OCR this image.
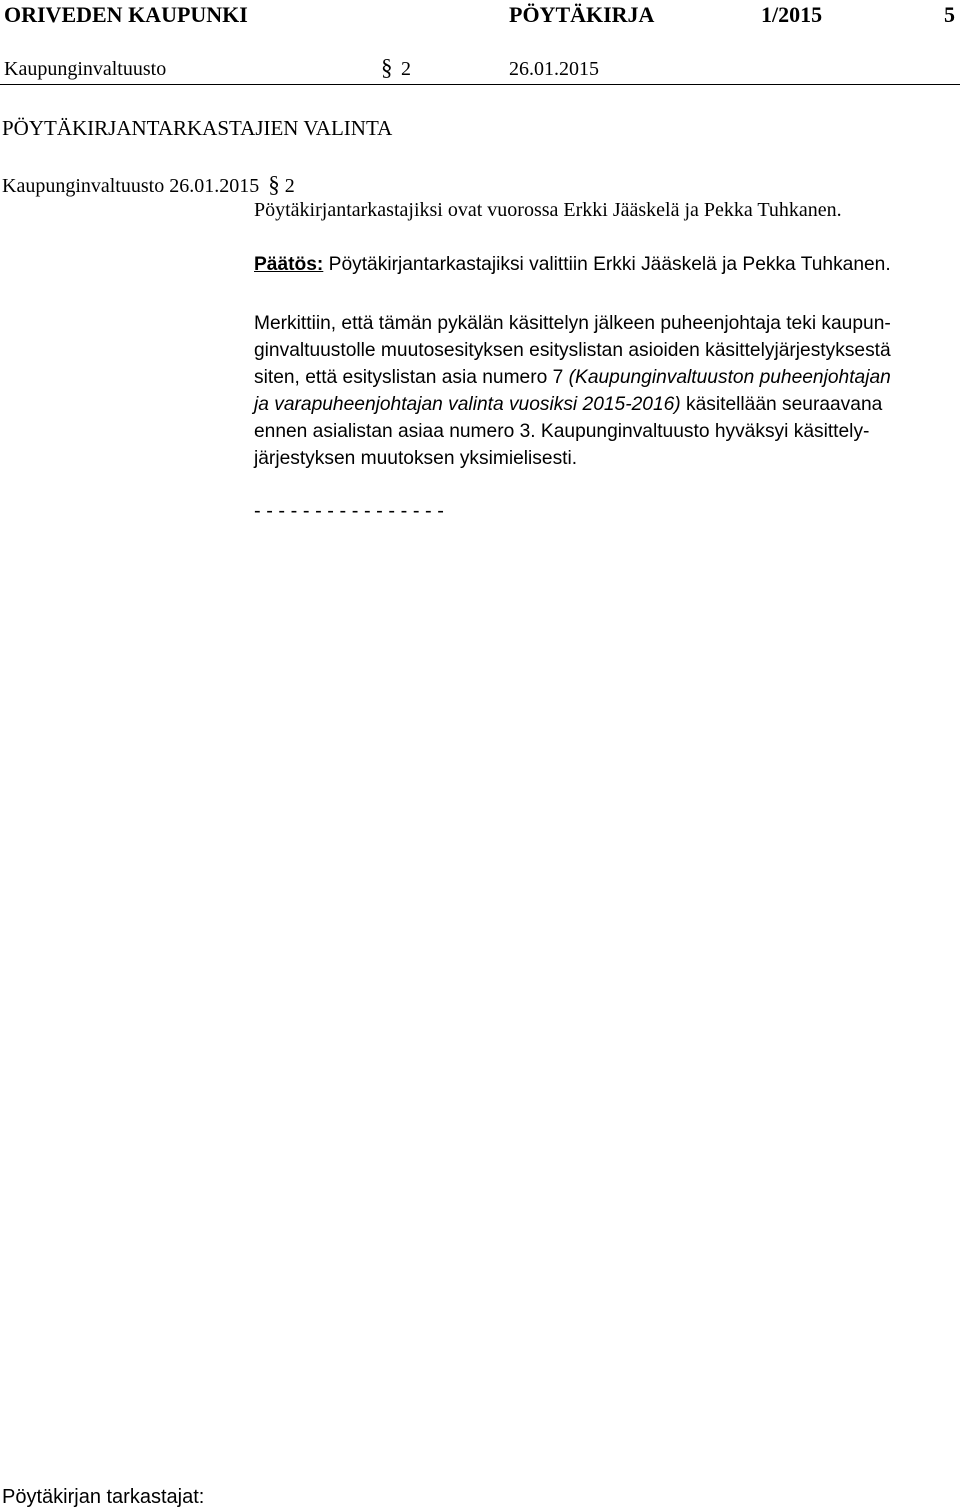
ORIVEDEN KAUPUNKI	PÖYTÄKIRJA	1/2015	5
Kaupunginvaltuusto	§ 2	26.01.2015
PÖYTÄKIRJANTARKASTAJIEN VALINTA
Kaupunginvaltuusto 26.01.2015 § 2
Pöytäkirjantarkastajiksi ovat vuorossa Erkki Jääskelä ja Pekka Tuhkanen.
Päätös: Pöytäkirjantarkastajiksi valittiin Erkki Jääskelä ja Pekka Tuhkanen.
Merkittiin, että tämän pykälän käsittelyn jälkeen puheenjohtaja teki kaupun-
ginvaltuustolle muutosesityksen esityslistan asioiden käsittelyjärjestyksestä
siten, että esityslistan asia numero 7 (Kaupunginvaltuuston puheenjohtajan
ja varapuheenjohtajan valinta vuosiksi 2015-2016) käsitellään seuraavana
ennen asialistan asiaa numero 3. Kaupunginvaltuusto hyväksyi käsittely-
järjestyksen muutoksen yksimielisesti.
- - - - - - - - - - - - - - - -
Pöytäkirjan tarkastajat:
